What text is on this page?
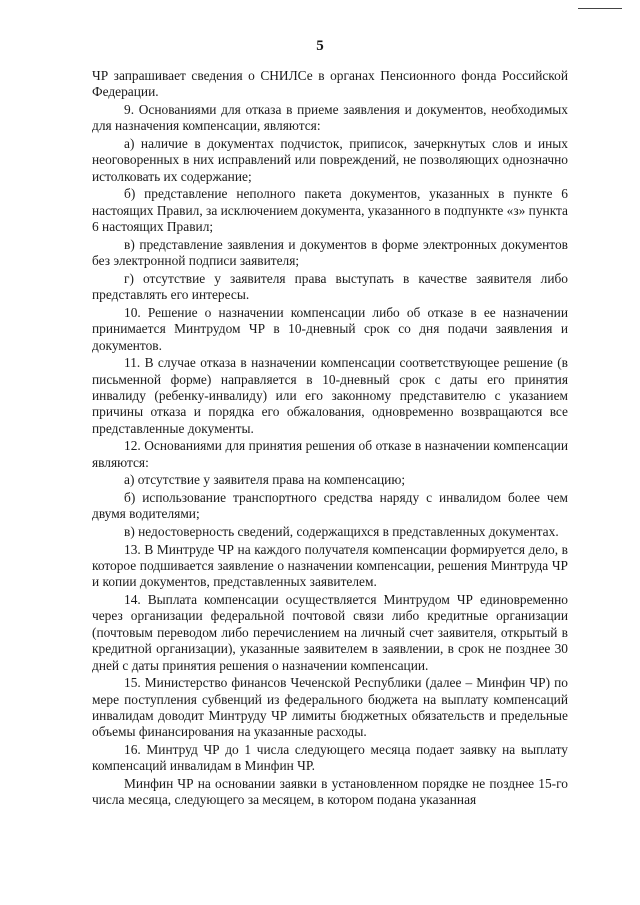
5

ЧР запрашивает сведения о СНИЛСе в органах Пенсионного фонда Российской Федерации.

9. Основаниями для отказа в приеме заявления и документов, необходимых для назначения компенсации, являются:

а) наличие в документах подчисток, приписок, зачеркнутых слов и иных неоговоренных в них исправлений или повреждений, не позволяющих однозначно истолковать их содержание;

б) представление неполного пакета документов, указанных в пункте 6 настоящих Правил, за исключением документа, указанного в подпункте «з» пункта 6 настоящих Правил;

в) представление заявления и документов в форме электронных документов без электронной подписи заявителя;

г) отсутствие у заявителя права выступать в качестве заявителя либо представлять его интересы.

10. Решение о назначении компенсации либо об отказе в ее назначении принимается Минтрудом ЧР в 10-дневный срок со дня подачи заявления и документов.

11. В случае отказа в назначении компенсации соответствующее решение (в письменной форме) направляется в 10-дневный срок с даты его принятия инвалиду (ребенку-инвалиду) или его законному представителю с указанием причины отказа и порядка его обжалования, одновременно возвращаются все представленные документы.

12. Основаниями для принятия решения об отказе в назначении компенсации являются:

а) отсутствие у заявителя права на компенсацию;

б) использование транспортного средства наряду с инвалидом более чем двумя водителями;

в) недостоверность сведений, содержащихся в представленных документах.

13. В Минтруде ЧР на каждого получателя компенсации формируется дело, в которое подшивается заявление о назначении компенсации, решения Минтруда ЧР и копии документов, представленных заявителем.

14. Выплата компенсации осуществляется Минтрудом ЧР единовременно через организации федеральной почтовой связи либо кредитные организации (почтовым переводом либо перечислением на личный счет заявителя, открытый в кредитной организации), указанные заявителем в заявлении, в срок не позднее 30 дней с даты принятия решения о назначении компенсации.

15. Министерство финансов Чеченской Республики (далее – Минфин ЧР) по мере поступления субвенций из федерального бюджета на выплату компенсаций инвалидам доводит Минтруду ЧР лимиты бюджетных обязательств и предельные объемы финансирования на указанные расходы.

16. Минтруд ЧР до 1 числа следующего месяца подает заявку на выплату компенсаций инвалидам в Минфин ЧР.

Минфин ЧР на основании заявки в установленном порядке не позднее 15-го числа месяца, следующего за месяцем, в котором подана указанная
